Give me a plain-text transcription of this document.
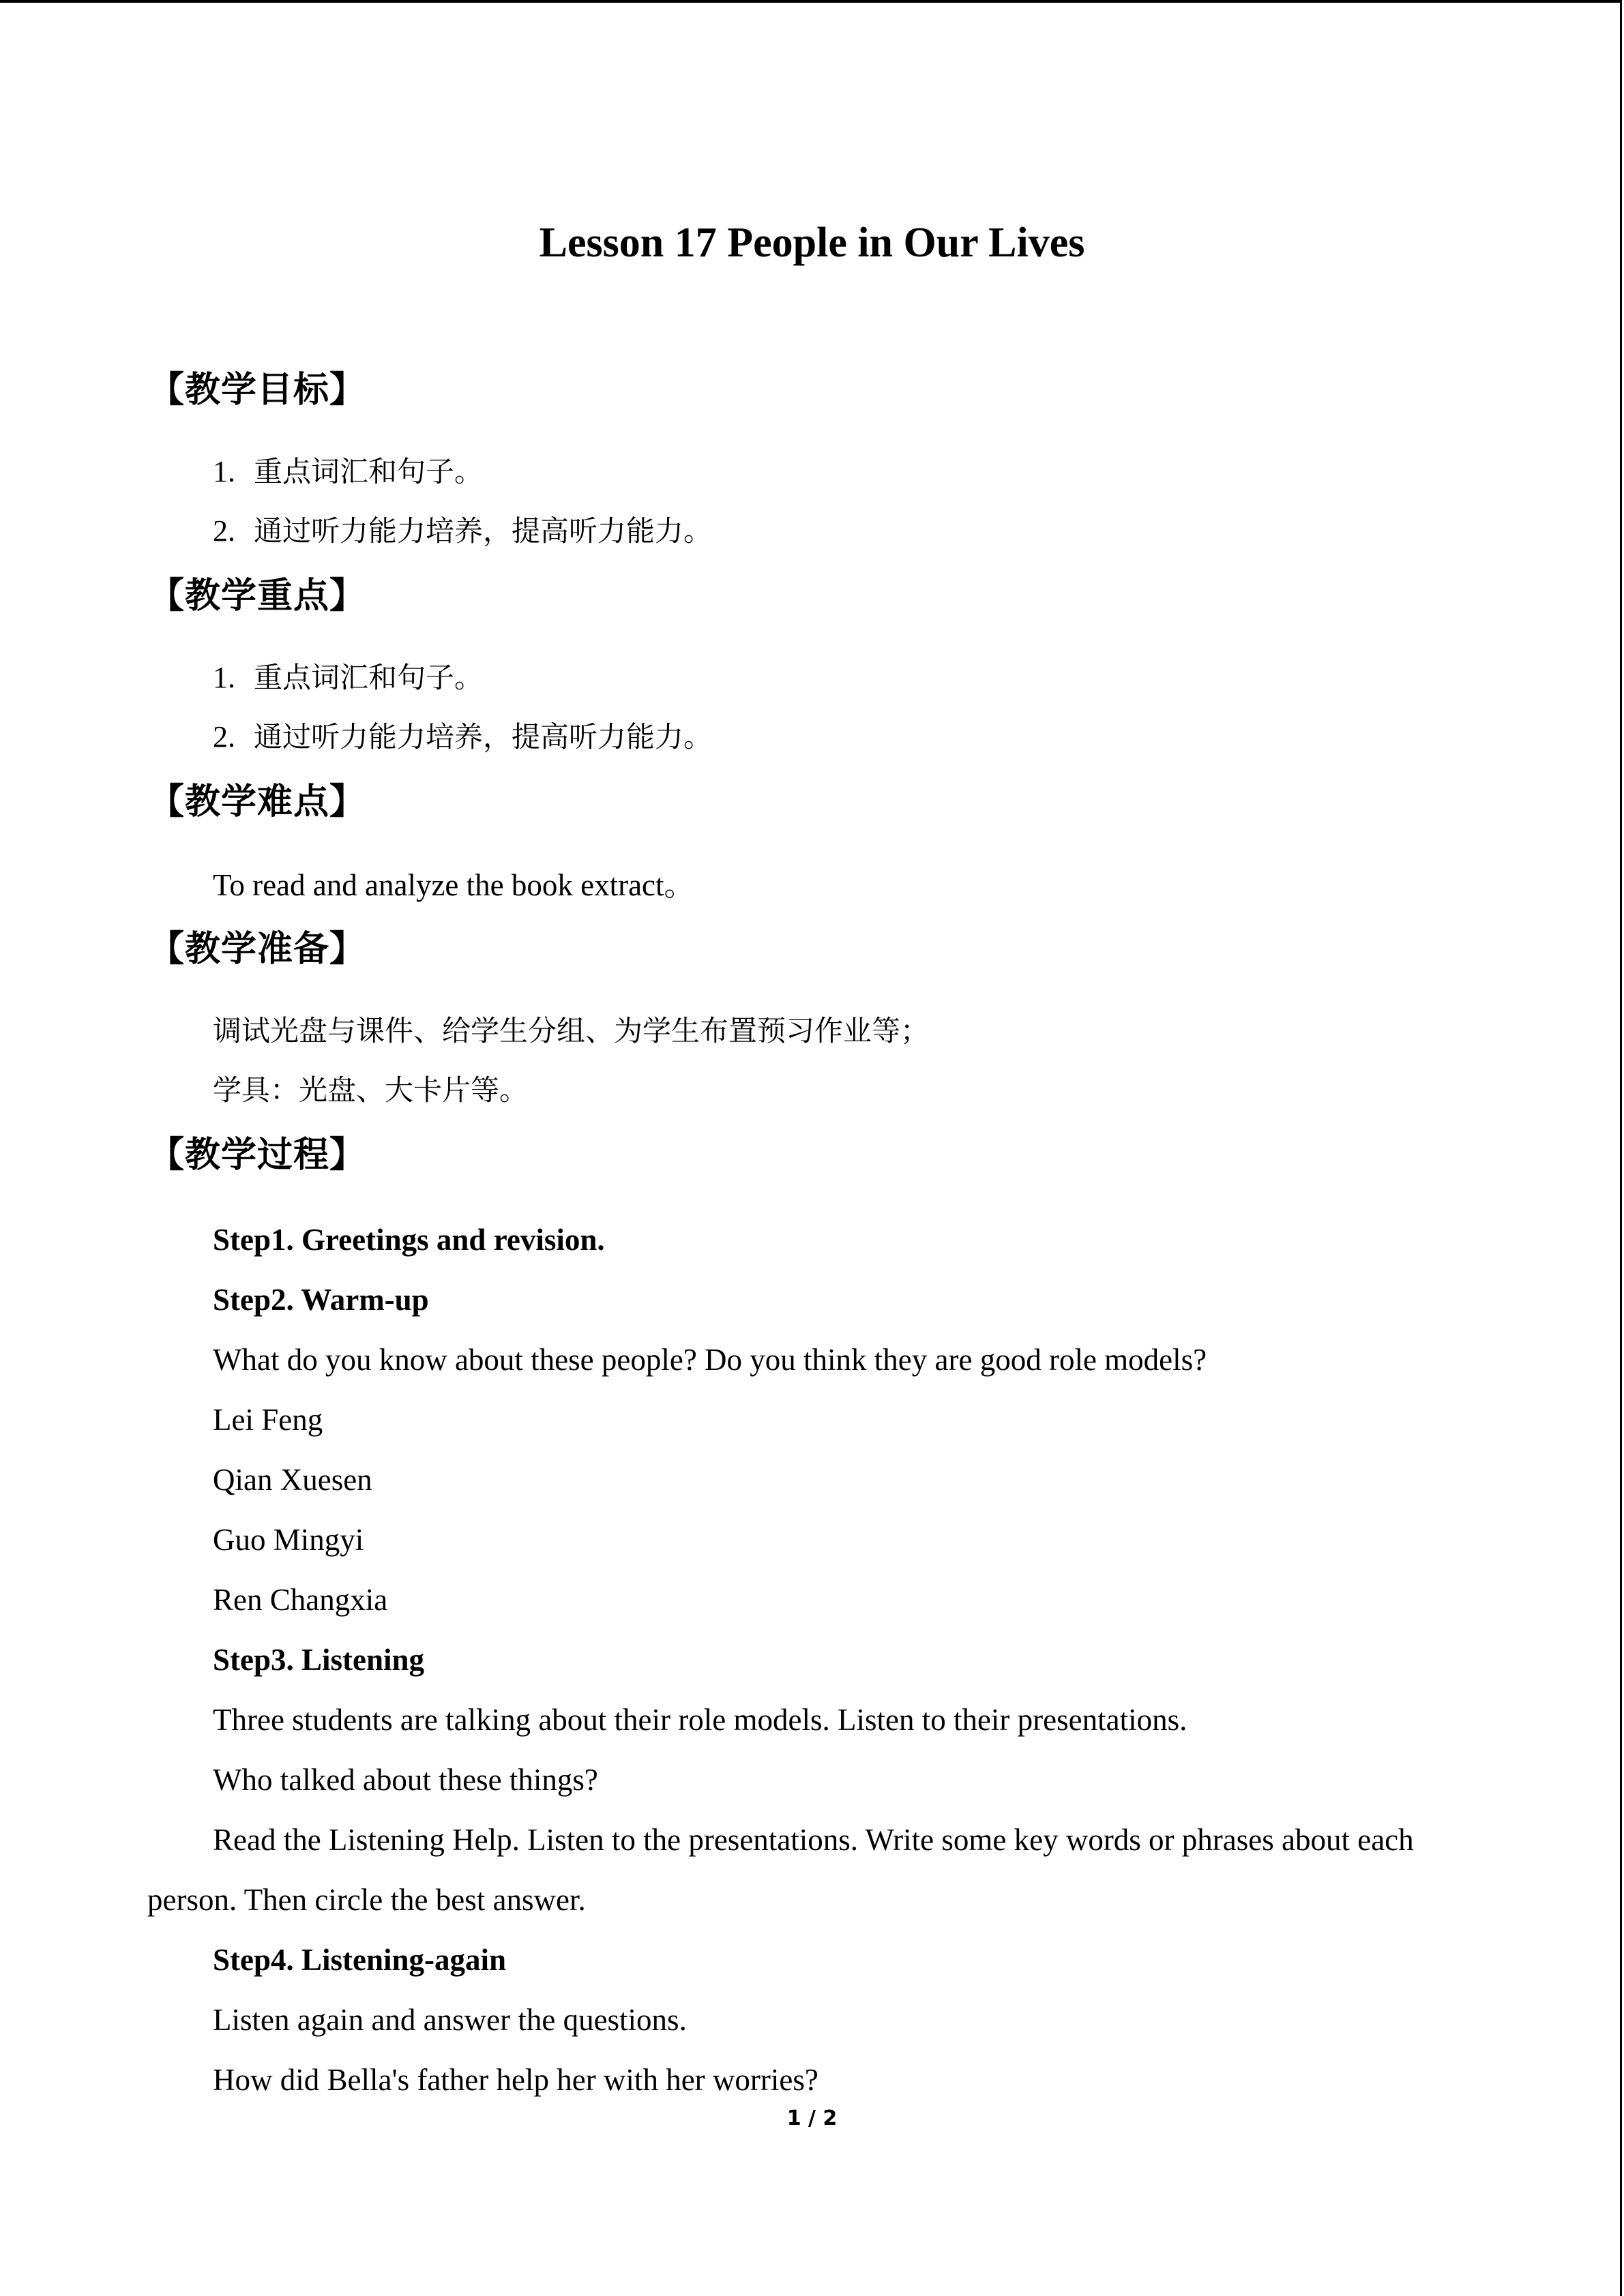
Lesson 17 People in Our Lives
【教学目标】
1. 重点词汇和句子。
2. 通过听力能力培养，提高听力能力。
【教学重点】
1. 重点词汇和句子。
2. 通过听力能力培养，提高听力能力。
【教学难点】
To read and analyze the book extract。
【教学准备】
调试光盘与课件、给学生分组、为学生布置预习作业等；
学具：光盘、大卡片等。
【教学过程】
Step1. Greetings and revision.
Step2. Warm-up
What do you know about these people? Do you think they are good role models?
Lei Feng
Qian Xuesen
Guo Mingyi
Ren Changxia
Step3. Listening
Three students are talking about their role models. Listen to their presentations.
Who talked about these things?
Read the Listening Help. Listen to the presentations. Write some key words or phrases about each
person. Then circle the best answer.
Step4. Listening-again
Listen again and answer the questions.
How did Bella's father help her with her worries?
1 / 2
